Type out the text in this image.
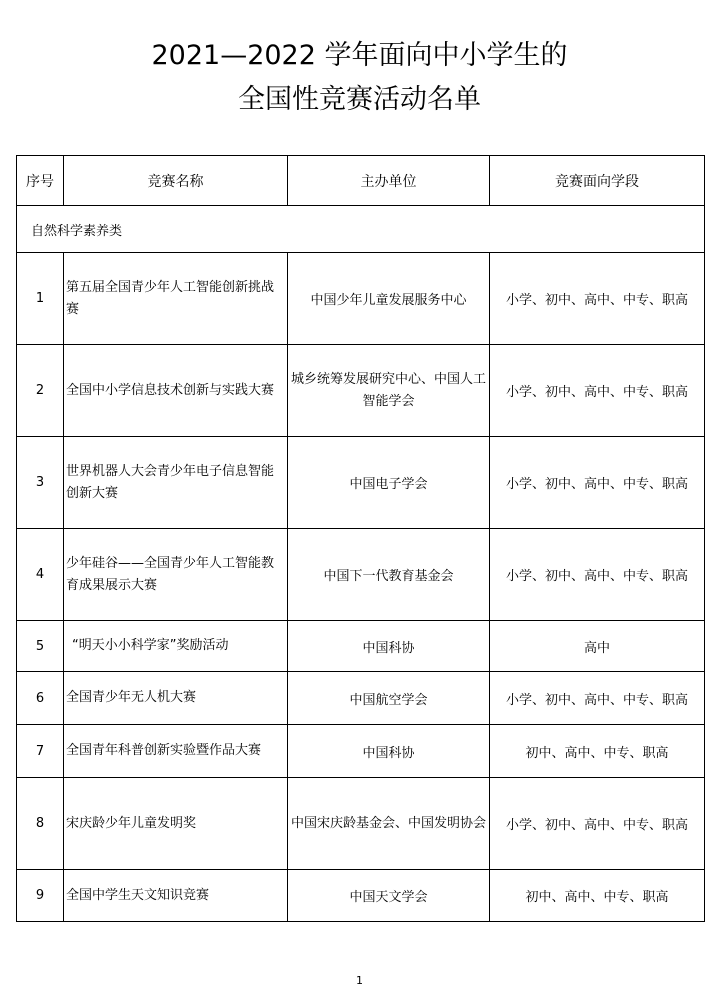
2021—2022 学年面向中小学生的
全国性竞赛活动名单
序号	竞赛名称	主办单位	竞赛面向学段
自然科学素养类			
1	第五届全国青少年人工智能创新挑战赛	中国少年儿童发展服务中心	小学、初中、高中、中专、职高
2	全国中小学信息技术创新与实践大赛	城乡统筹发展研究中心、中国人工智能学会	小学、初中、高中、中专、职高
3	世界机器人大会青少年电子信息智能创新大赛	中国电子学会	小学、初中、高中、中专、职高
4	少年硅谷——全国青少年人工智能教育成果展示大赛	中国下一代教育基金会	小学、初中、高中、中专、职高
5	“明天小小科学家”奖励活动	中国科协	高中
6	全国青少年无人机大赛	中国航空学会	小学、初中、高中、中专、职高
7	全国青年科普创新实验暨作品大赛	中国科协	初中、高中、中专、职高
8	宋庆龄少年儿童发明奖	中国宋庆龄基金会、中国发明协会	小学、初中、高中、中专、职高
9	全国中学生天文知识竞赛	中国天文学会	初中、高中、中专、职高
1
